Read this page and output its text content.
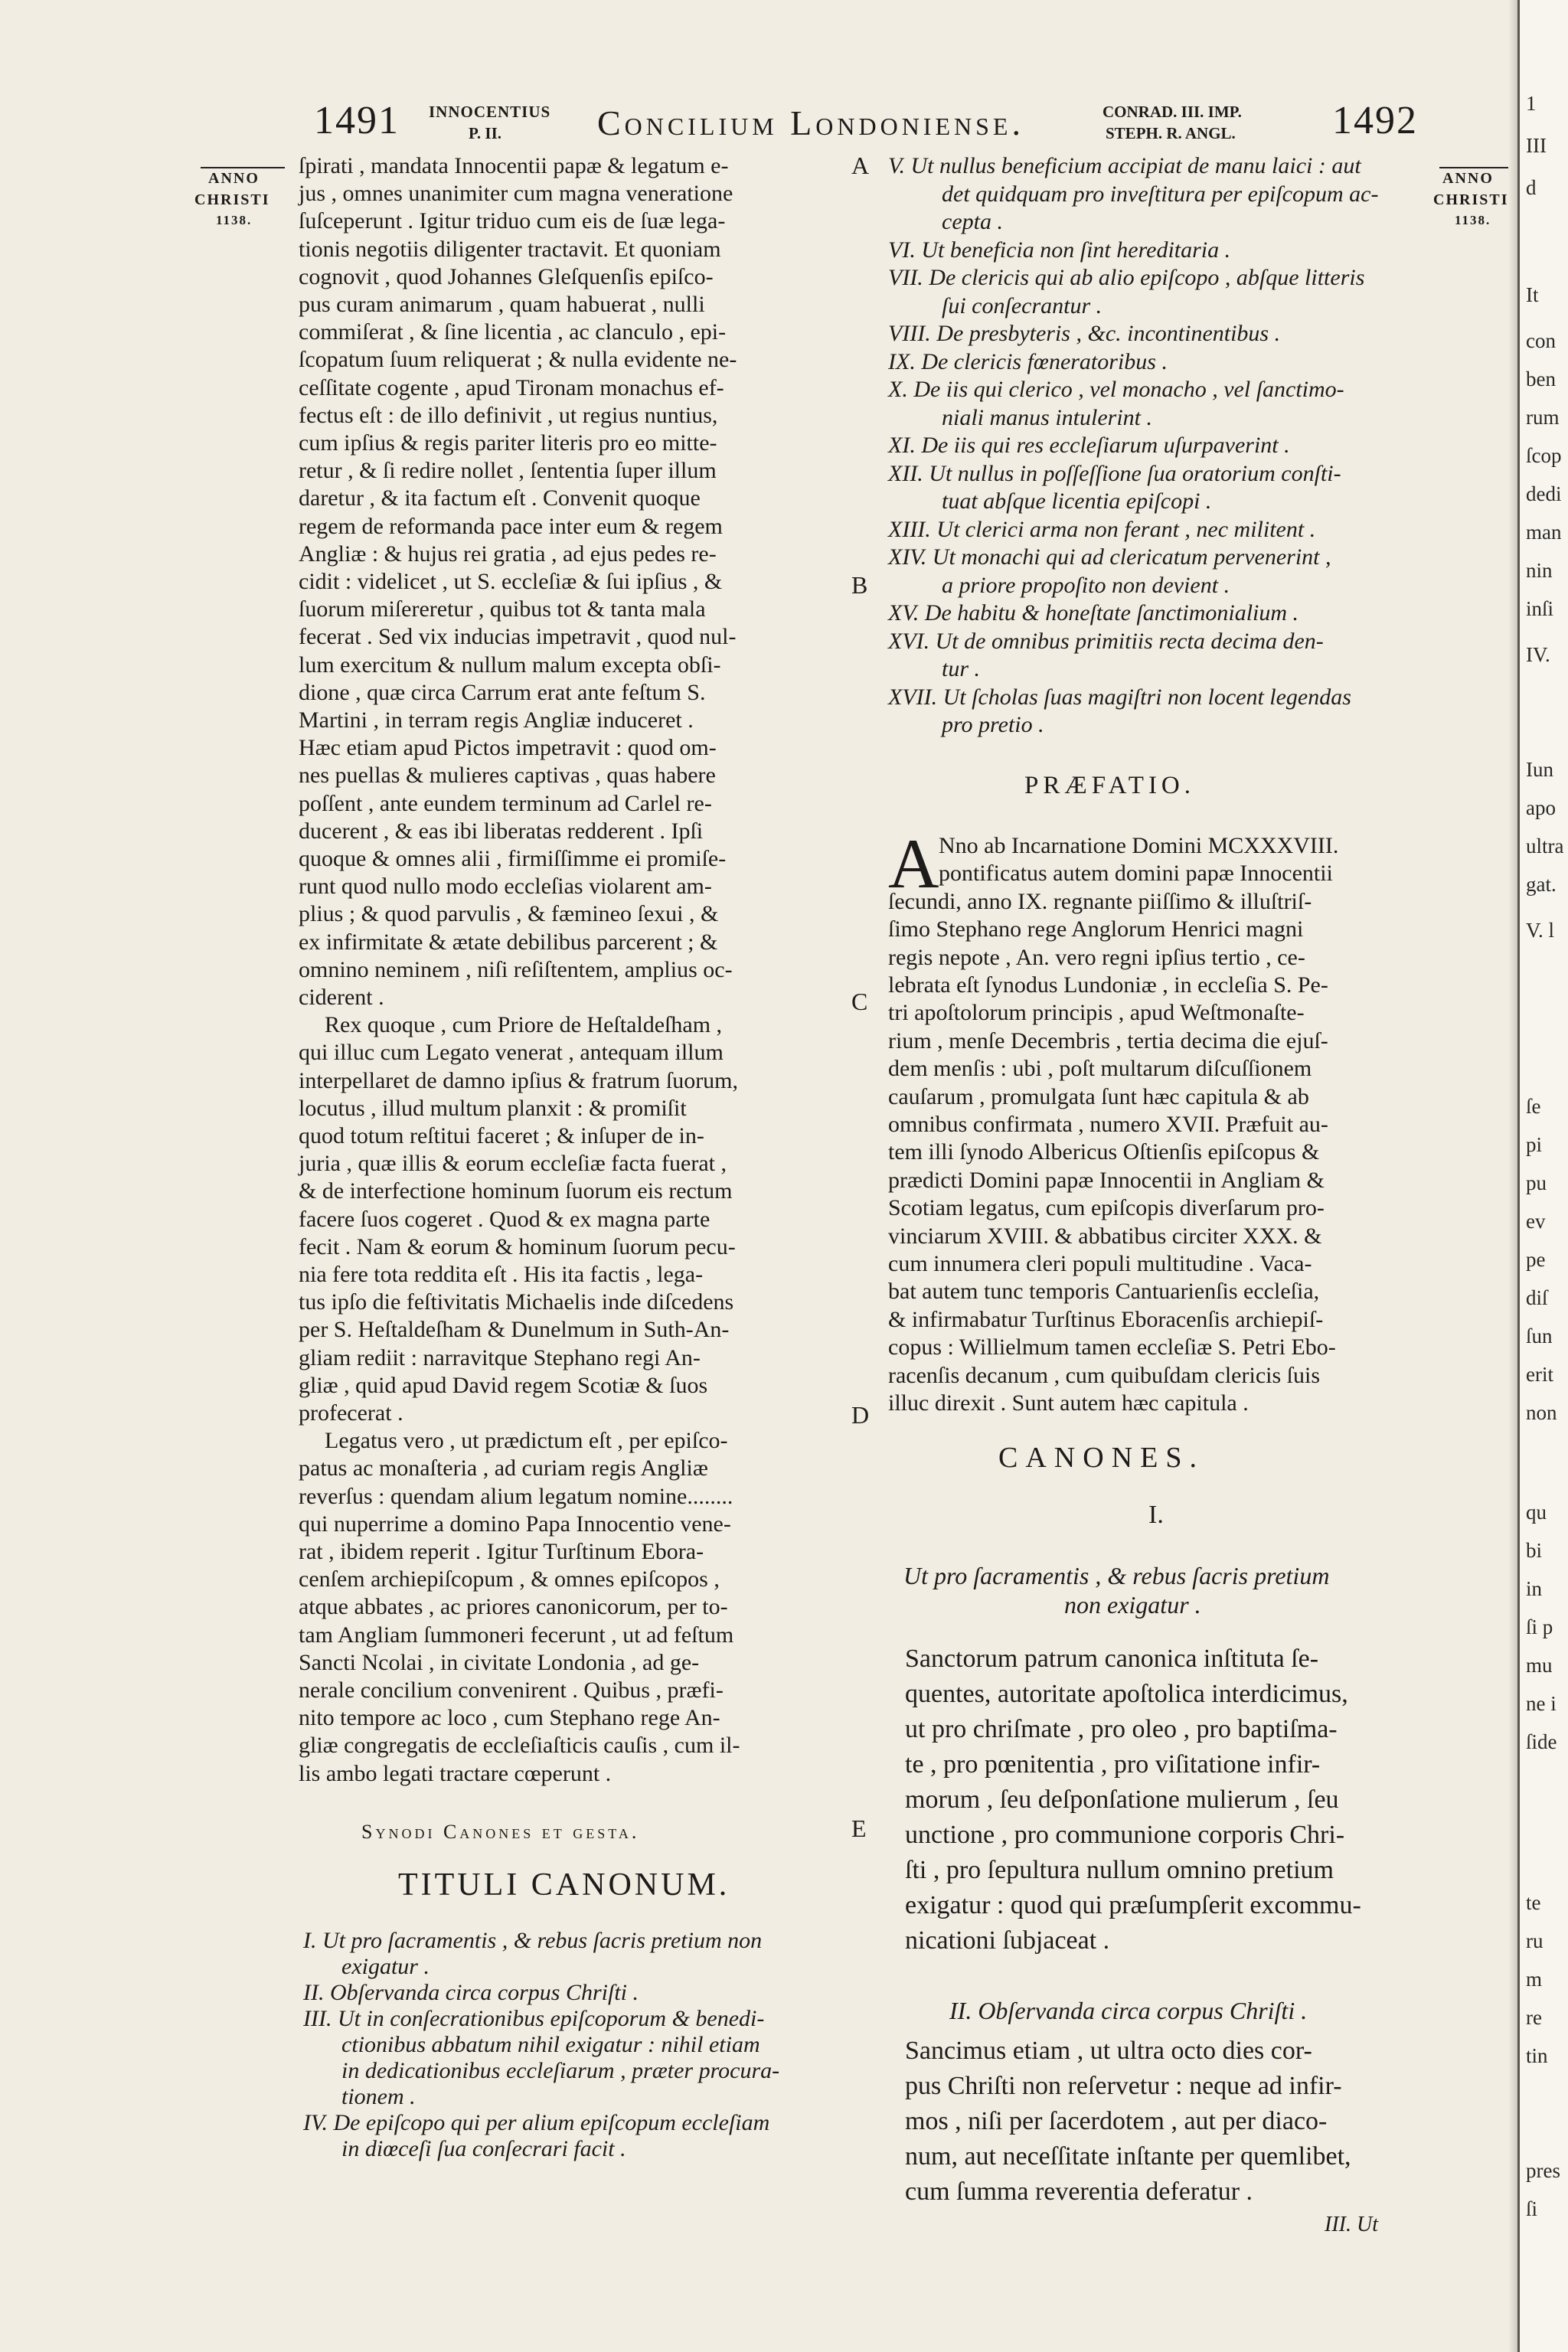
1491 INNOCENTIUS
P. II.	Concilium Londoniense.	CONRAD. III. IMP.
STEPH. R. ANGL. 1492
ANNO
CHRISTI
1138.
ANNO
CHRISTI
1138.
A
B
C
D
E
ſpirati , mandata Innocentii papæ & legatum e-
jus , omnes unanimiter cum magna veneratione
ſuſceperunt . Igitur triduo cum eis de ſuæ lega-
tionis negotiis diligenter tractavit. Et quoniam
cognovit , quod Johannes Gleſquenſis epiſco-
pus curam animarum , quam habuerat , nulli
commiſerat , & ſine licentia , ac clanculo , epi-
ſcopatum ſuum reliquerat ; & nulla evidente ne-
ceſſitate cogente , apud Tironam monachus ef-
fectus eſt : de illo definivit , ut regius nuntius,
cum ipſius & regis pariter literis pro eo mitte-
retur , & ſi redire nollet , ſententia ſuper illum
daretur , & ita factum eſt . Convenit quoque
regem de reformanda pace inter eum & regem
Angliæ : & hujus rei gratia , ad ejus pedes re-
cidit : videlicet , ut S. eccleſiæ & ſui ipſius , &
ſuorum miſereretur , quibus tot & tanta mala
fecerat . Sed vix inducias impetravit , quod nul-
lum exercitum & nullum malum excepta obſi-
dione , quæ circa Carrum erat ante feſtum S.
Martini , in terram regis Angliæ induceret .
Hæc etiam apud Pictos impetravit : quod om-
nes puellas & mulieres captivas , quas habere
poſſent , ante eundem terminum ad Carlel re-
ducerent , & eas ibi liberatas redderent . Ipſi
quoque & omnes alii , firmiſſimme ei promiſe-
runt quod nullo modo eccleſias violarent am-
plius ; & quod parvulis , & fæmineo ſexui , &
ex infirmitate & ætate debilibus parcerent ; &
omnino neminem , niſi reſiſtentem, amplius oc-
ciderent .
Rex quoque , cum Priore de Heſtaldeſham ,
qui illuc cum Legato venerat , antequam illum
interpellaret de damno ipſius & fratrum ſuorum,
locutus , illud multum planxit : & promiſit
quod totum reſtitui faceret ; & inſuper de in-
juria , quæ illis & eorum eccleſiæ facta fuerat ,
& de interfectione hominum ſuorum eis rectum
facere ſuos cogeret . Quod & ex magna parte
fecit . Nam & eorum & hominum ſuorum pecu-
nia fere tota reddita eſt . His ita factis , lega-
tus ipſo die feſtivitatis Michaelis inde diſcedens
per S. Heſtaldeſham & Dunelmum in Suth-An-
gliam rediit : narravitque Stephano regi An-
gliæ , quid apud David regem Scotiæ & ſuos
profecerat .
Legatus vero , ut prædictum eſt , per epiſco-
patus ac monaſteria , ad curiam regis Angliæ
reverſus : quendam alium legatum nomine........
qui nuperrime a domino Papa Innocentio vene-
rat , ibidem reperit . Igitur Turſtinum Ebora-
cenſem archiepiſcopum , & omnes epiſcopos ,
atque abbates , ac priores canonicorum, per to-
tam Angliam ſummoneri fecerunt , ut ad feſtum
Sancti Ncolai , in civitate Londonia , ad ge-
nerale concilium convenirent . Quibus , præfi-
nito tempore ac loco , cum Stephano rege An-
gliæ congregatis de eccleſiaſticis cauſis , cum il-
lis ambo legati tractare cœperunt .
Synodi Canones et gesta.
TITULI CANONUM.
I. Ut pro ſacramentis , & rebus ſacris pretium non
exigatur .
II. Obſervanda circa corpus Chriſti .
III. Ut in conſecrationibus epiſcoporum & benedi-
ctionibus abbatum nihil exigatur : nihil etiam
in dedicationibus eccleſiarum , præter procura-
tionem .
IV. De epiſcopo qui per alium epiſcopum eccleſiam
in diœceſi ſua conſecrari facit .
V. Ut nullus beneficium accipiat de manu laici : aut
det quidquam pro inveſtitura per epiſcopum ac-
cepta .
VI. Ut beneficia non ſint hereditaria .
VII. De clericis qui ab alio epiſcopo , abſque litteris
ſui conſecrantur .
VIII. De presbyteris , &c. incontinentibus .
IX. De clericis fœneratoribus .
X. De iis qui clerico , vel monacho , vel ſanctimo-
niali manus intulerint .
XI. De iis qui res eccleſiarum uſurpaverint .
XII. Ut nullus in poſſeſſione ſua oratorium conſti-
tuat abſque licentia epiſcopi .
XIII. Ut clerici arma non ferant , nec militent .
XIV. Ut monachi qui ad clericatum pervenerint ,
a priore propoſito non devient .
XV. De habitu & honeſtate ſanctimonialium .
XVI. Ut de omnibus primitiis recta decima den-
tur .
XVII. Ut ſcholas ſuas magiſtri non locent legendas
pro pretio .
PRÆFATIO.
A Nno ab Incarnatione Domini MCXXXVIII.
pontificatus autem domini papæ Innocentii
ſecundi, anno IX. regnante piiſſimo & illuſtriſ-
ſimo Stephano rege Anglorum Henrici magni
regis nepote , An. vero regni ipſius tertio , ce-
lebrata eſt ſynodus Lundoniæ , in eccleſia S. Pe-
tri apoſtolorum principis , apud Weſtmonaſte-
rium , menſe Decembris , tertia decima die ejuſ-
dem menſis : ubi , poſt multarum diſcuſſionem
cauſarum , promulgata ſunt hæc capitula & ab
omnibus confirmata , numero XVII. Præfuit au-
tem illi ſynodo Albericus Oſtienſis epiſcopus &
prædicti Domini papæ Innocentii in Angliam &
Scotiam legatus, cum epiſcopis diverſarum pro-
vinciarum XVIII. & abbatibus circiter XXX. &
cum innumera cleri populi multitudine . Vaca-
bat autem tunc temporis Cantuarienſis eccleſia,
& infirmabatur Turſtinus Eboracenſis archiepiſ-
copus : Willielmum tamen eccleſiæ S. Petri Ebo-
racenſis decanum , cum quibuſdam clericis ſuis
illuc direxit . Sunt autem hæc capitula .
CANONES.
I.
Ut pro ſacramentis , & rebus ſacris pretium
non exigatur .
Sanctorum patrum canonica inſtituta ſe-
quentes, autoritate apoſtolica interdicimus,
ut pro chriſmate , pro oleo , pro baptiſma-
te , pro pœnitentia , pro viſitatione infir-
morum , ſeu deſponſatione mulierum , ſeu
unctione , pro communione corporis Chri-
ſti , pro ſepultura nullum omnino pretium
exigatur : quod qui præſumpſerit excommu-
nicationi ſubjaceat .
II. Obſervanda circa corpus Chriſti .
Sancimus etiam , ut ultra octo dies cor-
pus Chriſti non reſervetur : neque ad infir-
mos , niſi per ſacerdotem , aut per diaco-
num, aut neceſſitate inſtante per quemlibet,
cum ſumma reverentia deferatur .
III. Ut
1
III
d
It
con
ben
rum
ſcop
dedi
man
nin
inſi
IV.
Iun
apo
ultra
gat.
V. l
ſe
pi
pu
ev
pe
diſ
ſun
erit
non
qu
bi
in
ſi p
mu
ne i
ſide
te
ru
m
re
tin
pres
ſi
